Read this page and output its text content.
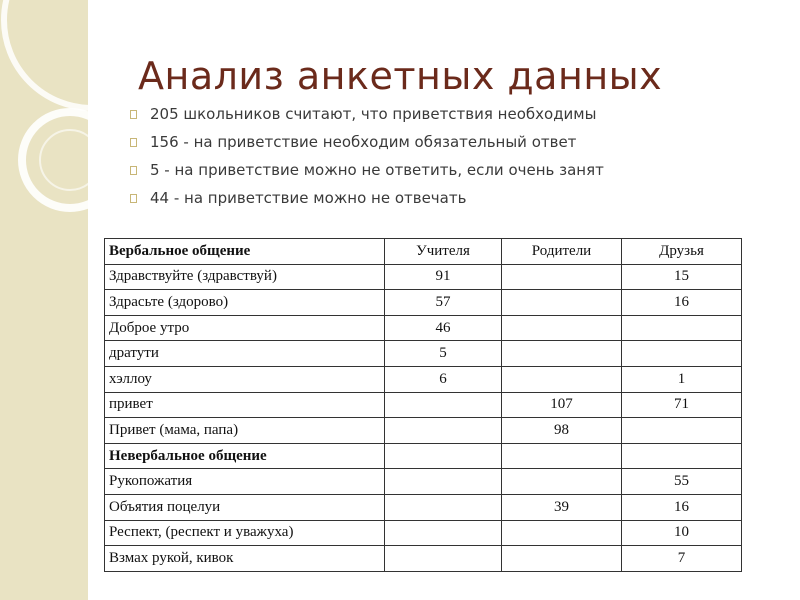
Анализ анкетных данных
205 школьников считают, что приветствия необходимы
156 - на приветствие необходим обязательный ответ
5 - на приветствие можно не ответить, если очень занят
44 - на приветствие можно не отвечать
Вербальное общение	Учителя	Родители	Друзья
Здравствуйте (здравствуй)	91		15
Здрасьте (здорово)	57		16
Доброе утро	46		
дратути	5		
хэллоу	6		1
привет		107	71
Привет (мама, папа)		98	
Невербальное общение			
Рукопожатия			55
Объятия поцелуи		39	16
Респект, (респект и уважуха)			10
Взмах рукой, кивок			7
